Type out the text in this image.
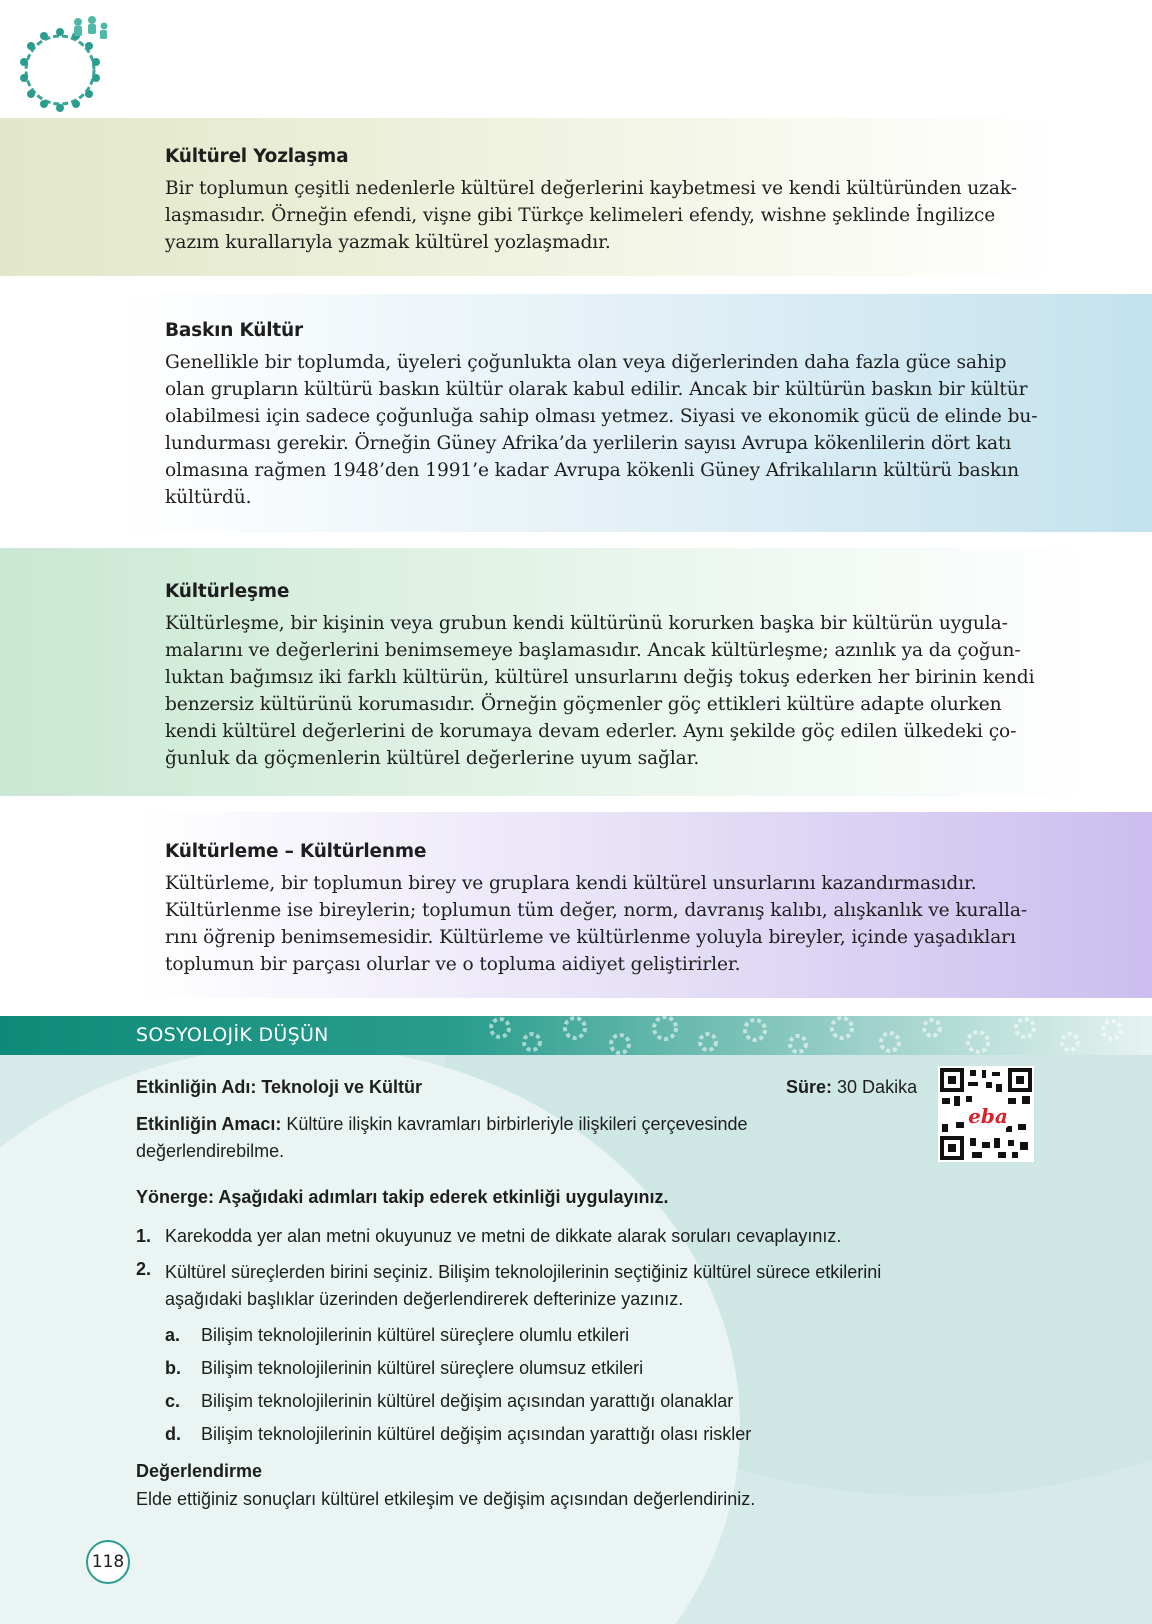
Kültürel Yozlaşma

Bir toplumun çeşitli nedenlerle kültürel değerlerini kaybetmesi ve kendi kültüründen uzak-
laşmasıdır. Örneğin efendi, vişne gibi Türkçe kelimeleri efendy, wishne şeklinde İngilizce
yazım kurallarıyla yazmak kültürel yozlaşmadır.

Baskın Kültür

Genellikle bir toplumda, üyeleri çoğunlukta olan veya diğerlerinden daha fazla güce sahip
olan grupların kültürü baskın kültür olarak kabul edilir. Ancak bir kültürün baskın bir kültür
olabilmesi için sadece çoğunluğa sahip olması yetmez. Siyasi ve ekonomik gücü de elinde bu-
lundurması gerekir. Örneğin Güney Afrika’da yerlilerin sayısı Avrupa kökenlilerin dört katı
olmasına rağmen 1948’den 1991’e kadar Avrupa kökenli Güney Afrikalıların kültürü baskın
kültürdü.

Kültürleşme

Kültürleşme, bir kişinin veya grubun kendi kültürünü korurken başka bir kültürün uygula-
malarını ve değerlerini benimsemeye başlamasıdır. Ancak kültürleşme; azınlık ya da çoğun-
luktan bağımsız iki farklı kültürün, kültürel unsurlarını değiş tokuş ederken her birinin kendi
benzersiz kültürünü korumasıdır. Örneğin göçmenler göç ettikleri kültüre adapte olurken
kendi kültürel değerlerini de korumaya devam ederler. Aynı şekilde göç edilen ülkedeki ço-
ğunluk da göçmenlerin kültürel değerlerine uyum sağlar.

Kültürleme – Kültürlenme

Kültürleme, bir toplumun birey ve gruplara kendi kültürel unsurlarını kazandırmasıdır.
Kültürlenme ise bireylerin; toplumun tüm değer, norm, davranış kalıbı, alışkanlık ve kuralla-
rını öğrenip benimsemesidir. Kültürleme ve kültürlenme yoluyla bireyler, içinde yaşadıkları
toplumun bir parçası olurlar ve o topluma aidiyet geliştirirler.

SOSYOLOJİK DÜŞÜN
Etkinliğin Adı: Teknoloji ve Kültür	Süre: 30 Dakika
Etkinliğin Amacı: Kültüre ilişkin kavramları birbirleriyle ilişkileri çerçevesinde
değerlendirebilme.
eba
Yönerge: Aşağıdaki adımları takip ederek etkinliği uygulayınız.
1. Karekodda yer alan metni okuyunuz ve metni de dikkate alarak soruları cevaplayınız.
2. Kültürel süreçlerden birini seçiniz. Bilişim teknolojilerinin seçtiğiniz kültürel sürece etkilerini
aşağıdaki başlıklar üzerinden değerlendirerek defterinize yazınız.
a. Bilişim teknolojilerinin kültürel süreçlere olumlu etkileri
b. Bilişim teknolojilerinin kültürel süreçlere olumsuz etkileri
c. Bilişim teknolojilerinin kültürel değişim açısından yarattığı olanaklar
d. Bilişim teknolojilerinin kültürel değişim açısından yarattığı olası riskler
Değerlendirme
Elde ettiğiniz sonuçları kültürel etkileşim ve değişim açısından değerlendiriniz.
118
